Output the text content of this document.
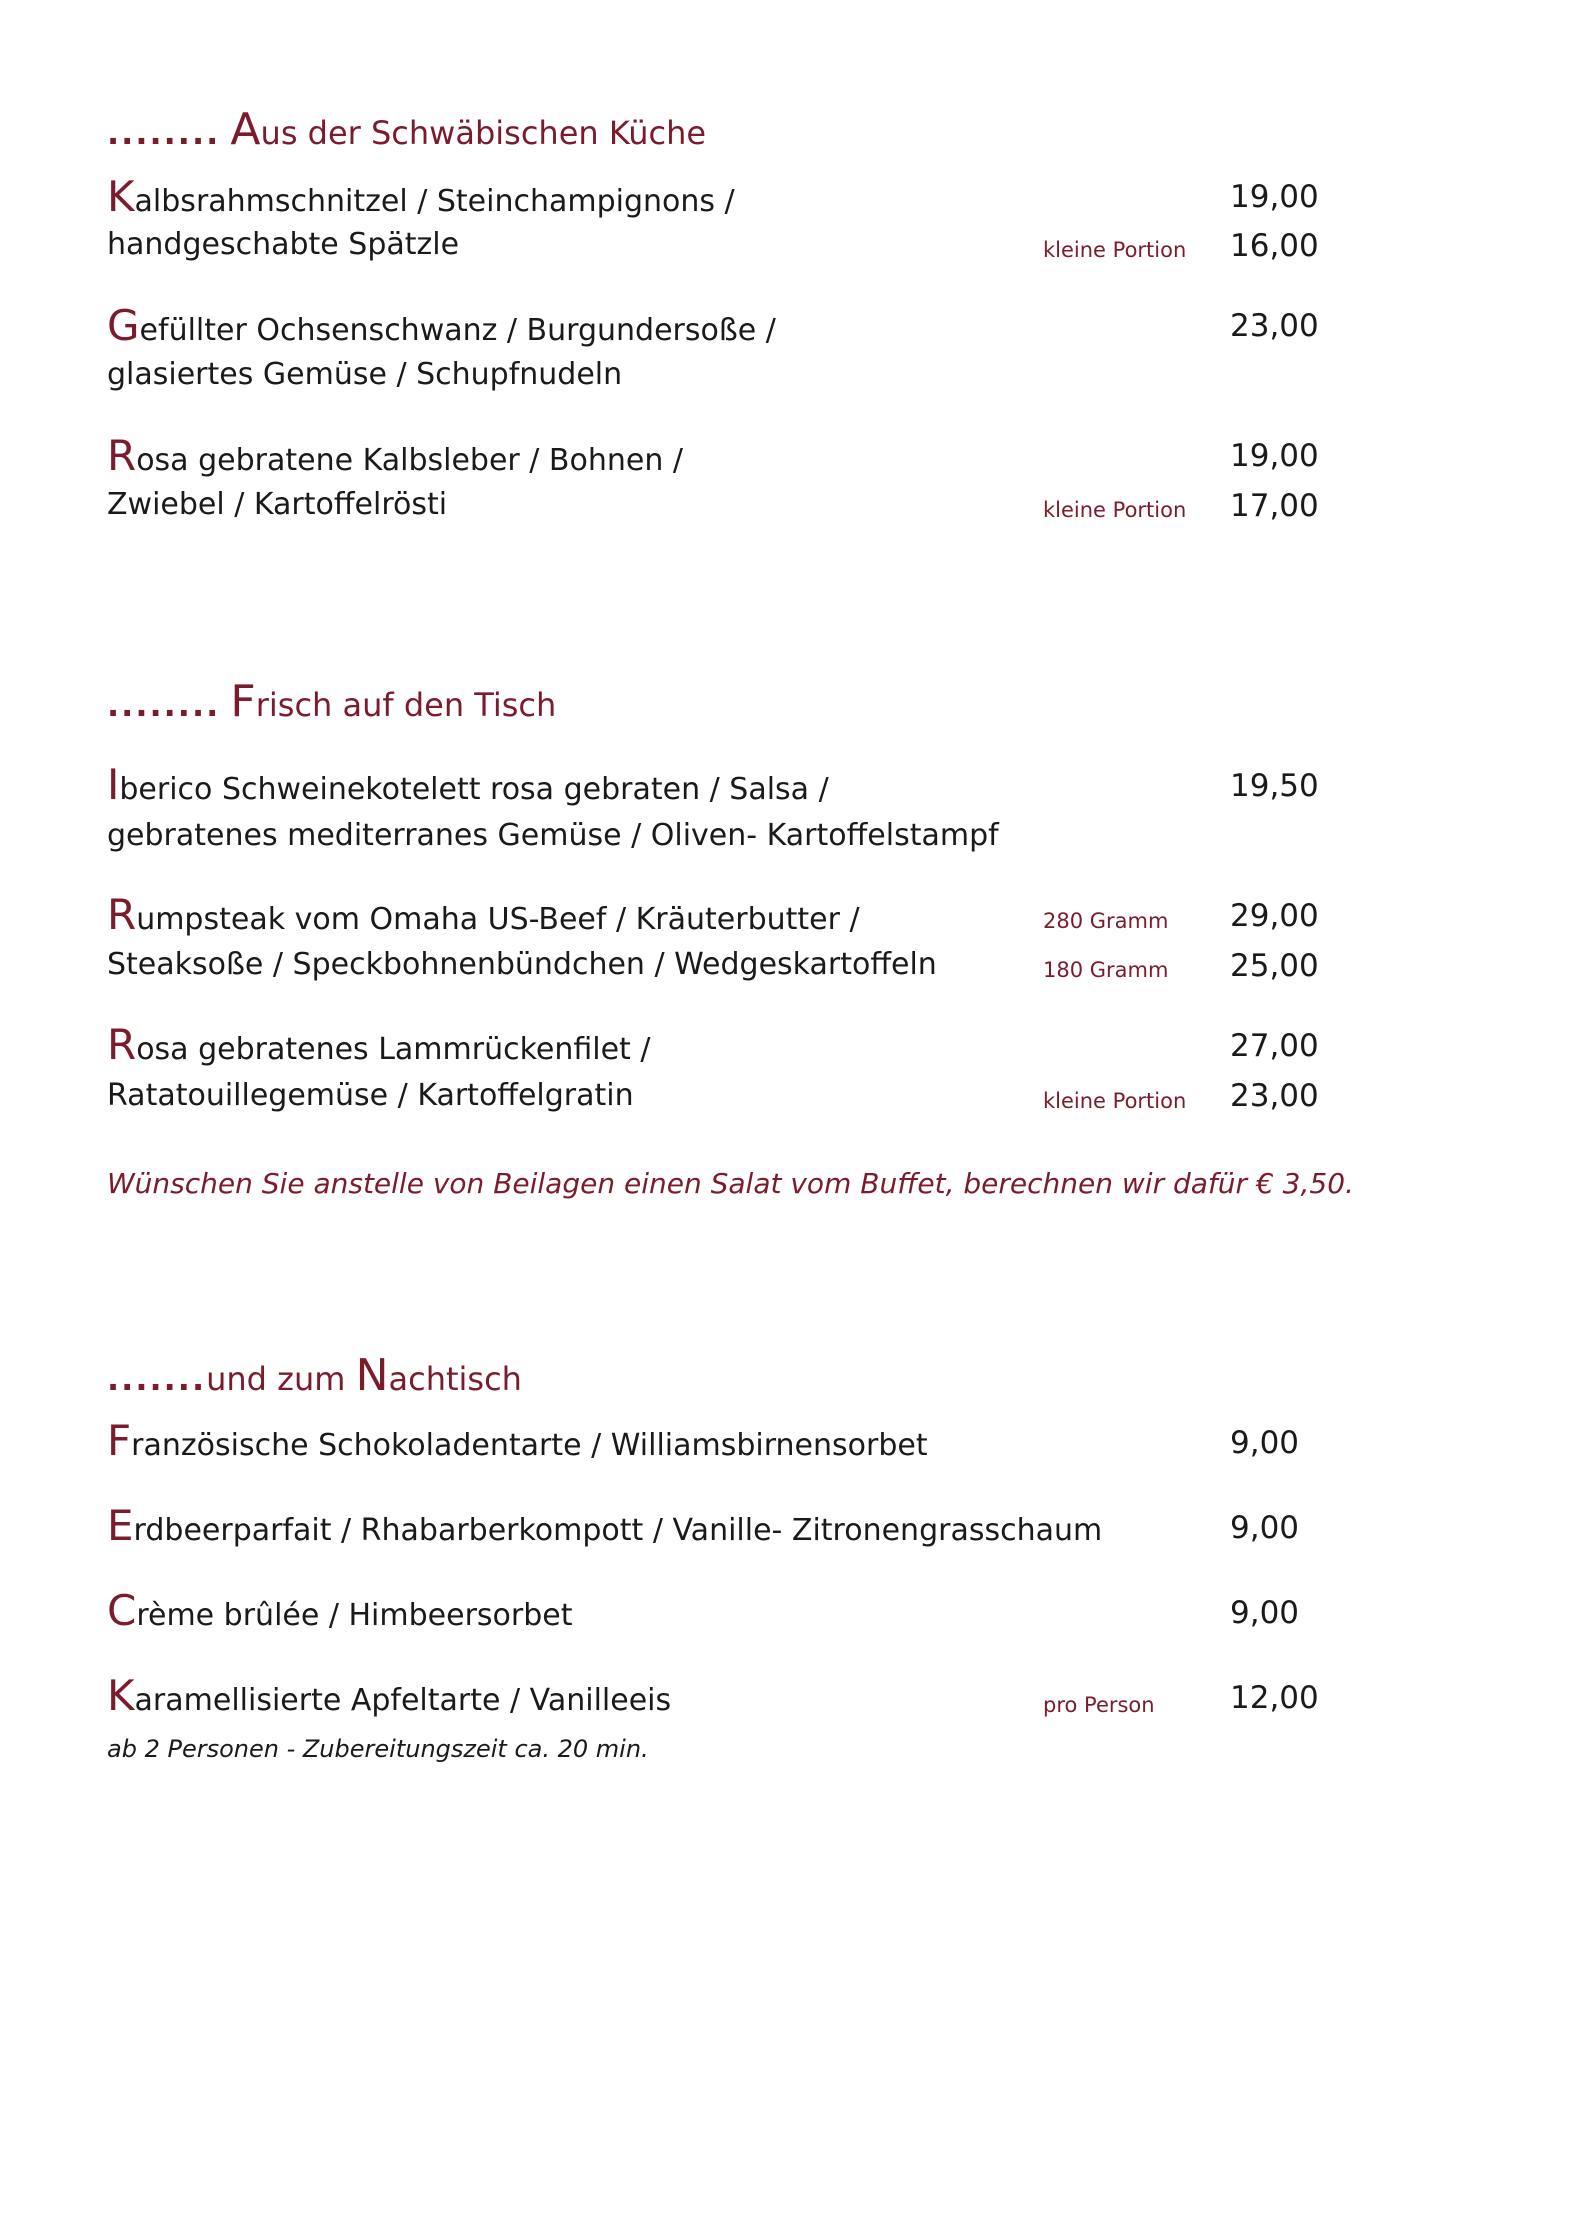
........ Aus der Schwäbischen Küche
Kalbsrahmschnitzel / Steinchampignons /	19,00
handgeschabte Spätzle	kleine Portion 16,00
Gefüllter Ochsenschwanz / Burgundersoße /	23,00
glasiertes Gemüse / Schupfnudeln
Rosa gebratene Kalbsleber / Bohnen /	19,00
Zwiebel / Kartoffelrösti	kleine Portion 17,00
........ Frisch auf den Tisch
Iberico Schweinekotelett rosa gebraten / Salsa /	19,50
gebratenes mediterranes Gemüse / Oliven- Kartoffelstampf
Rumpsteak vom Omaha US-Beef / Kräuterbutter /	280 Gramm 29,00
Steaksoße / Speckbohnenbündchen / Wedgeskartoffeln	180 Gramm 25,00
Rosa gebratenes Lammrückenfilet /	27,00
Ratatouillegemüse / Kartoffelgratin	kleine Portion 23,00
Wünschen Sie anstelle von Beilagen einen Salat vom Buffet, berechnen wir dafür € 3,50.
.......und zum Nachtisch
Französische Schokoladentarte / Williamsbirnensorbet	9,00
Erdbeerparfait / Rhabarberkompott / Vanille- Zitronengrasschaum	9,00
Crème brûlée / Himbeersorbet	9,00
Karamellisierte Apfeltarte / Vanilleeis	pro Person 12,00
ab 2 Personen - Zubereitungszeit ca. 20 min.
